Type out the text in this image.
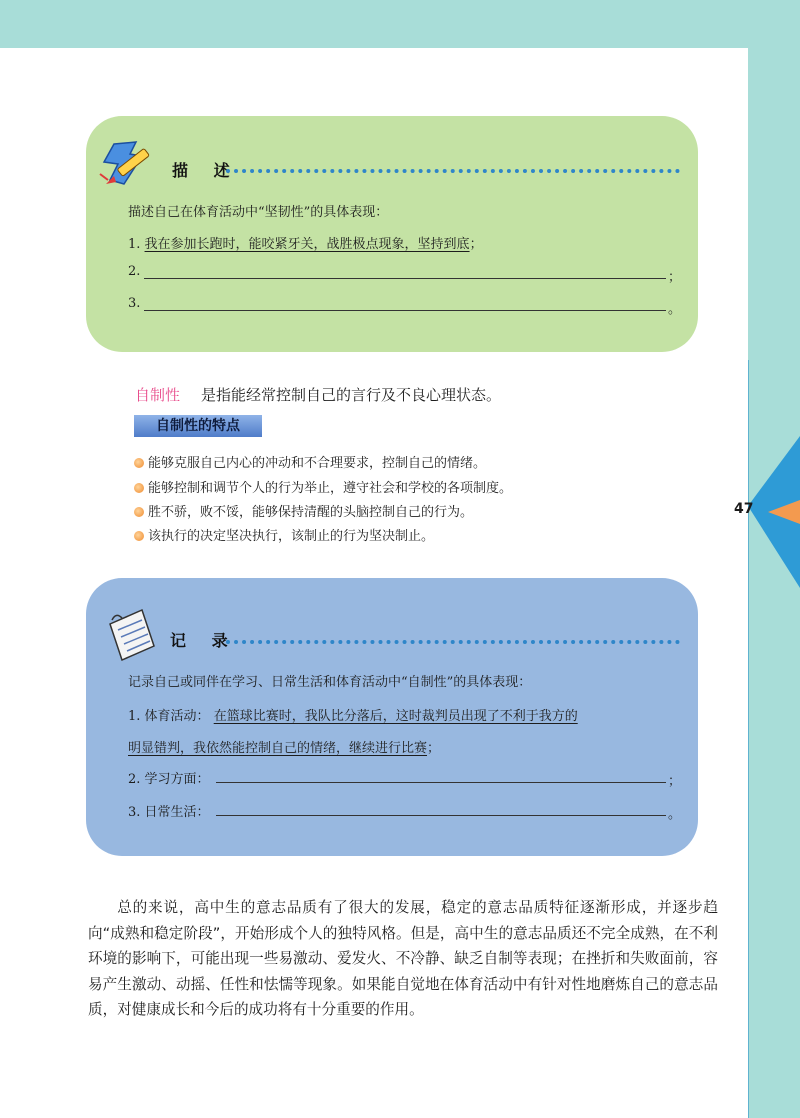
47
描 述
描述自己在体育活动中“坚韧性”的具体表现：
1. 我在参加长跑时，能咬紧牙关，战胜极点现象，坚持到底；
2.	；
3.	。
自制性 是指能经常控制自己的言行及不良心理状态。
自制性的特点
能够克服自己内心的冲动和不合理要求，控制自己的情绪。
能够控制和调节个人的行为举止，遵守社会和学校的各项制度。
胜不骄，败不馁，能够保持清醒的头脑控制自己的行为。
该执行的决定坚决执行，该制止的行为坚决制止。
记 录
记录自己或同伴在学习、日常生活和体育活动中“自制性”的具体表现：
1. 体育活动： 在篮球比赛时，我队比分落后，这时裁判员出现了不利于我方的
明显错判，我依然能控制自己的情绪，继续进行比赛；
2. 学习方面：	；
3. 日常生活：	。
总的来说，高中生的意志品质有了很大的发展，稳定的意志品质特征逐渐形成，并逐步趋向“成熟和稳定阶段”，开始形成个人的独特风格。但是，高中生的意志品质还不完全成熟，在不利环境的影响下，可能出现一些易激动、爱发火、不冷静、缺乏自制等表现；在挫折和失败面前，容易产生激动、动摇、任性和怯懦等现象。如果能自觉地在体育活动中有针对性地磨炼自己的意志品质，对健康成长和今后的成功将有十分重要的作用。
